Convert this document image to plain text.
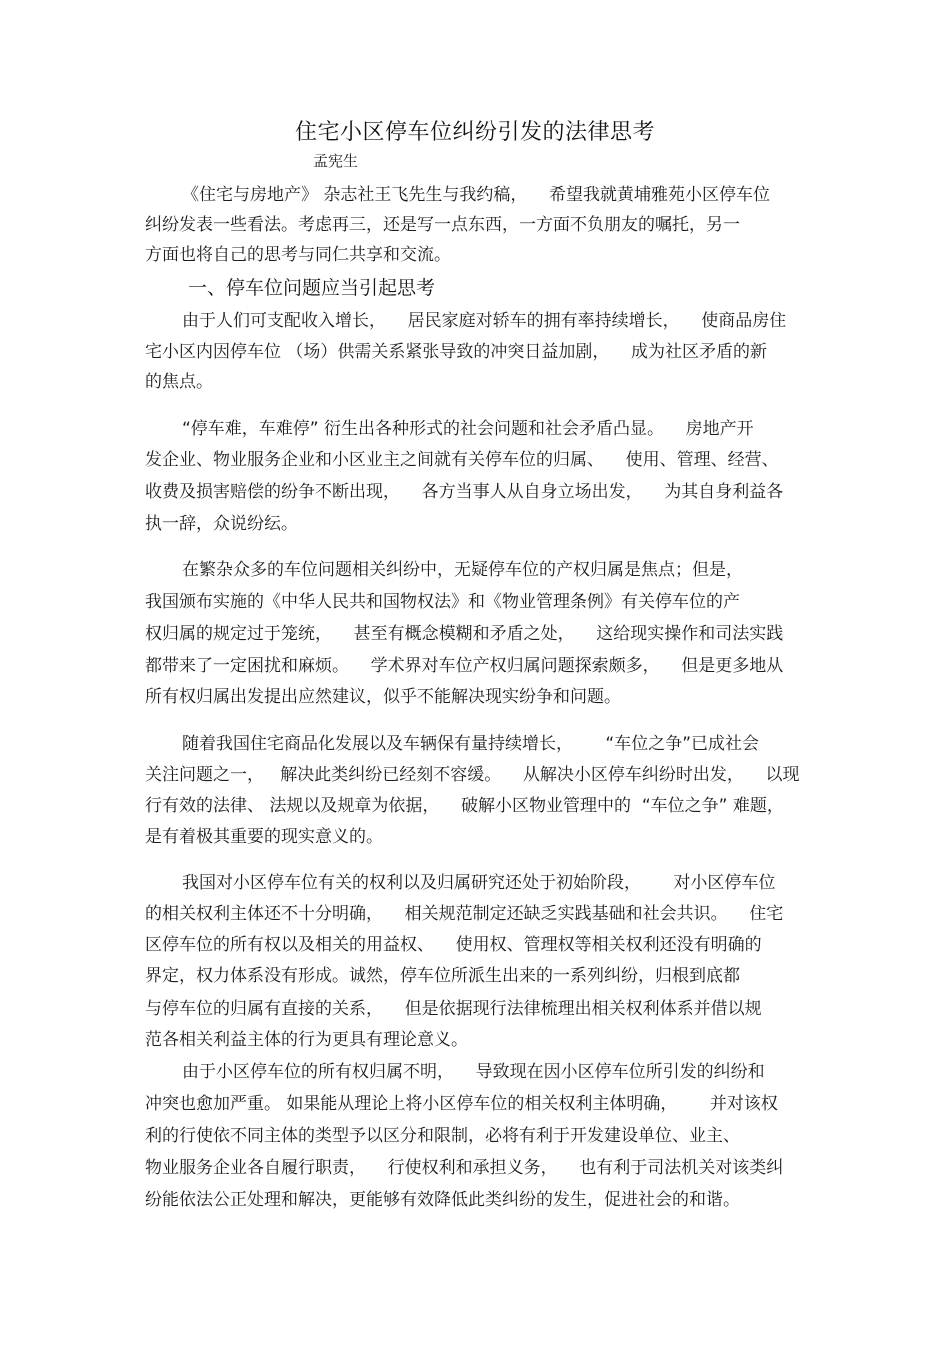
住宅小区停车位纠纷引发的法律思考
孟宪生
《住宅与房地产》 杂志社王飞先生与我约稿，    希望我就黄埔雅苑小区停车位
纠纷发表一些看法。考虑再三，还是写一点东西，一方面不负朋友的嘱托，另一
方面也将自己的思考与同仁共享和交流。
一、停车位问题应当引起思考
由于人们可支配收入增长，    居民家庭对轿车的拥有率持续增长，    使商品房住
宅小区内因停车位 （场）供需关系紧张导致的冲突日益加剧，    成为社区矛盾的新
的焦点。
“停车难，车难停” 衍生出各种形式的社会问题和社会矛盾凸显。    房地产开
发企业、物业服务企业和小区业主之间就有关停车位的归属、    使用、管理、经营、
收费及损害赔偿的纷争不断出现，    各方当事人从自身立场出发，    为其自身利益各
执一辞，众说纷纭。
在繁杂众多的车位问题相关纠纷中，无疑停车位的产权归属是焦点；但是，
我国颁布实施的《中华人民共和国物权法》和《物业管理条例》有关停车位的产
权归属的规定过于笼统，    甚至有概念模糊和矛盾之处，    这给现实操作和司法实践
都带来了一定困扰和麻烦。    学术界对车位产权归属问题探索颇多，    但是更多地从
所有权归属出发提出应然建议，似乎不能解决现实纷争和问题。
随着我国住宅商品化发展以及车辆保有量持续增长，      “车位之争”已成社会
关注问题之一，   解决此类纠纷已经刻不容缓。    从解决小区停车纠纷时出发，    以现
行有效的法律、 法规以及规章为依据，    破解小区物业管理中的  “车位之争” 难题，
是有着极其重要的现实意义的。
我国对小区停车位有关的权利以及归属研究还处于初始阶段，      对小区停车位
的相关权利主体还不十分明确，    相关规范制定还缺乏实践基础和社会共识。    住宅
区停车位的所有权以及相关的用益权、    使用权、管理权等相关权利还没有明确的
界定，权力体系没有形成。诚然，停车位所派生出来的一系列纠纷，归根到底都
与停车位的归属有直接的关系，    但是依据现行法律梳理出相关权利体系并借以规
范各相关利益主体的行为更具有理论意义。
由于小区停车位的所有权归属不明，    导致现在因小区停车位所引发的纠纷和
冲突也愈加严重。 如果能从理论上将小区停车位的相关权利主体明确，      并对该权
利的行使依不同主体的类型予以区分和限制，必将有利于开发建设单位、业主、
物业服务企业各自履行职责，    行使权利和承担义务，    也有利于司法机关对该类纠
纷能依法公正处理和解决，更能够有效降低此类纠纷的发生，促进社会的和谐。
